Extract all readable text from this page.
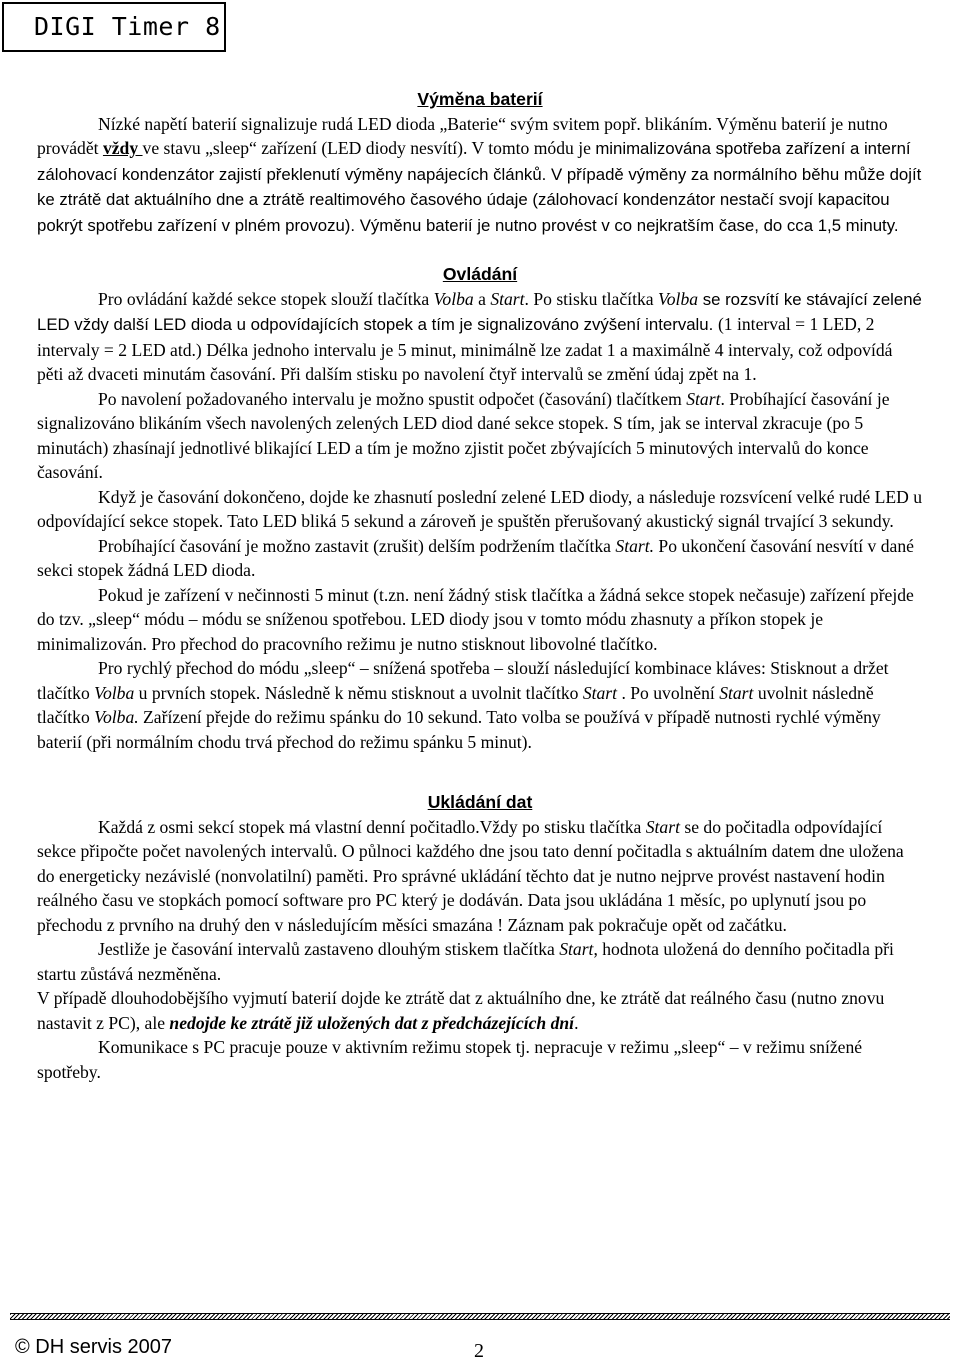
DIGI Timer 8

Výměna baterií

Nízké napětí baterií signalizuje rudá LED dioda „Baterie“ svým svitem popř. blikáním. Výměnu baterií je nutno provádět vždy ve stavu „sleep“ zařízení (LED diody nesvítí). V tomto módu je minimalizována spotřeba zařízení a interní zálohovací kondenzátor zajistí překlenutí výměny napájecích článků. V případě výměny za normálního běhu může dojít ke ztrátě dat aktuálního dne a ztrátě realtimového časového údaje (zálohovací kondenzátor nestačí svojí kapacitou pokrýt spotřebu zařízení v plném provozu). Výměnu baterií je nutno provést v co nejkratším čase, do cca 1,5 minuty.

Ovládání

Pro ovládání každé sekce stopek slouží tlačítka Volba a Start. Po stisku tlačítka Volba se rozsvítí ke stávající zelené LED vždy další LED dioda u odpovídajících stopek a tím je signalizováno zvýšení intervalu. (1 interval = 1 LED, 2 intervaly = 2 LED atd.) Délka jednoho intervalu je 5 minut, minimálně lze zadat 1 a maximálně 4 intervaly, což odpovídá pěti až dvaceti minutám časování. Při dalším stisku po navolení čtyř intervalů se změní údaj zpět na 1.

Po navolení požadovaného intervalu je možno spustit odpočet (časování) tlačítkem Start. Probíhající časování je signalizováno blikáním všech navolených zelených LED diod dané sekce stopek. S tím, jak se interval zkracuje (po 5 minutách) zhasínají jednotlivé blikající LED a tím je možno zjistit počet zbývajících 5 minutových intervalů do konce časování.

Když je časování dokončeno, dojde ke zhasnutí poslední zelené LED diody, a následuje rozsvícení velké rudé LED u odpovídající sekce stopek. Tato LED bliká 5 sekund a zároveň je spuštěn přerušovaný akustický signál trvající 3 sekundy.

Probíhající časování je možno zastavit (zrušit) delším podržením tlačítka Start. Po ukončení časování nesvítí v dané sekci stopek žádná LED dioda.

Pokud je zařízení v nečinnosti 5 minut (t.zn. není žádný stisk tlačítka a žádná sekce stopek nečasuje) zařízení přejde do tzv. „sleep“ módu – módu se sníženou spotřebou. LED diody jsou v tomto módu zhasnuty a příkon stopek je minimalizován. Pro přechod do pracovního režimu je nutno stisknout libovolné tlačítko.

Pro rychlý přechod do módu „sleep“ – snížená spotřeba – slouží následující kombinace kláves: Stisknout a držet tlačítko Volba u prvních stopek. Následně k němu stisknout a uvolnit tlačítko Start . Po uvolnění Start uvolnit následně tlačítko Volba. Zařízení přejde do režimu spánku do 10 sekund. Tato volba se používá v případě nutnosti rychlé výměny baterií (při normálním chodu trvá přechod do režimu spánku 5 minut).

Ukládání dat

Každá z osmi sekcí stopek má vlastní denní počitadlo.Vždy po stisku tlačítka Start se do počitadla odpovídající sekce připočte počet navolených intervalů. O půlnoci každého dne jsou tato denní počitadla s aktuálním datem dne uložena do energeticky nezávislé (nonvolatilní) paměti. Pro správné ukládání těchto dat je nutno nejprve provést nastavení hodin reálného času ve stopkách pomocí software pro PC který je dodáván. Data jsou ukládána 1 měsíc, po uplynutí jsou po přechodu z prvního na druhý den v následujícím měsíci smazána ! Záznam pak pokračuje opět od začátku.

Jestliže je časování intervalů zastaveno dlouhým stiskem tlačítka Start, hodnota uložená do denního počitadla při startu zůstává nezměněna.

V případě dlouhodobějšího vyjmutí baterií dojde ke ztrátě dat z aktuálního dne, ke ztrátě dat reálného času (nutno znovu nastavit z PC), ale nedojde ke ztrátě již uložených dat z předcházejících dní.

Komunikace s PC pracuje pouze v aktivním režimu stopek tj. nepracuje v režimu „sleep“ – v režimu snížené spotřeby.

© DH servis 2007	2
